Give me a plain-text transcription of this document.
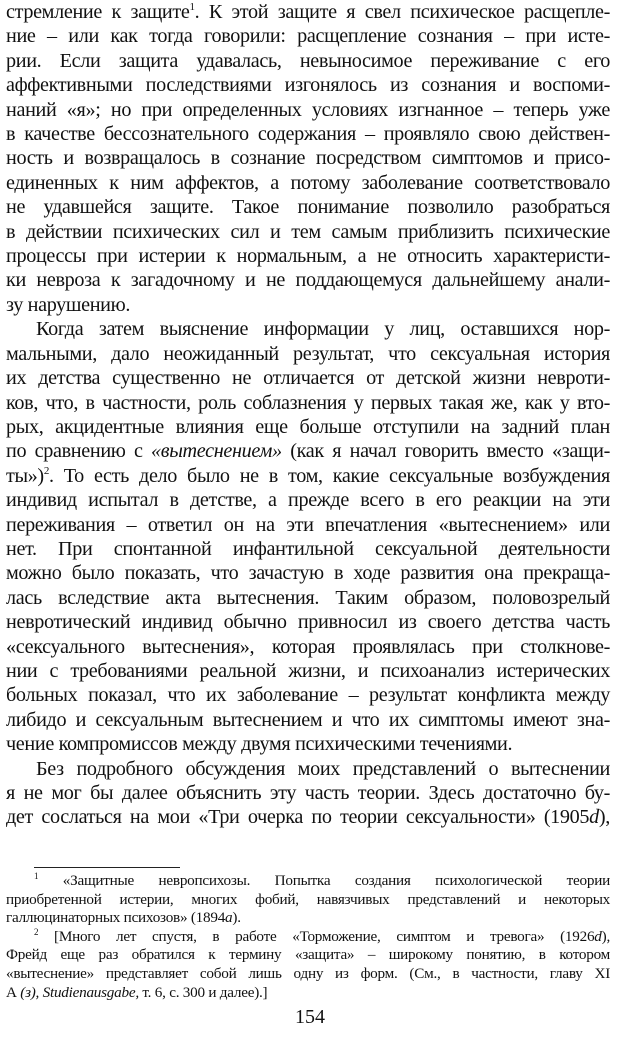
стремление к защите$^1$. К этой защите я свел психическое расщепле-
ние – или как тогда говорили: расщепление сознания – при исте-
рии. Если защита удавалась, невыносимое переживание с его
аффективными последствиями изгонялось из сознания и воспоми-
наний «я»; но при определенных условиях изгнанное – теперь уже
в качестве бессознательного содержания – проявляло свою действен-
ность и возвращалось в сознание посредством симптомов и присо-
единенных к ним аффектов, а потому заболевание соответствовало
не удавшейся защите. Такое понимание позволило разобраться
в действии психических сил и тем самым приблизить психические
процессы при истерии к нормальным, а не относить характеристи-
ки невроза к загадочному и не поддающемуся дальнейшему анали-
зу нарушению.
Когда затем выяснение информации у лиц, оставшихся нор-
мальными, дало неожиданный результат, что сексуальная история
их детства существенно не отличается от детской жизни невроти-
ков, что, в частности, роль соблазнения у первых такая же, как у вто-
рых, акцидентные влияния еще больше отступили на задний план
по сравнению с «вытеснением» (как я начал говорить вместо «защи-
ты»)$^2$. То есть дело было не в том, какие сексуальные возбуждения
индивид испытал в детстве, а прежде всего в его реакции на эти
переживания – ответил он на эти впечатления «вытеснением» или
нет. При спонтанной инфантильной сексуальной деятельности
можно было показать, что зачастую в ходе развития она прекраща-
лась вследствие акта вытеснения. Таким образом, половозрелый
невротический индивид обычно привносил из своего детства часть
«сексуального вытеснения», которая проявлялась при столкнове-
нии с требованиями реальной жизни, и психоанализ истерических
больных показал, что их заболевание – результат конфликта между
либидо и сексуальным вытеснением и что их симптомы имеют зна-
чение компромиссов между двумя психическими течениями.
Без подробного обсуждения моих представлений о вытеснении
я не мог бы далее объяснить эту часть теории. Здесь достаточно бу-
дет сослаться на мои «Три очерка по теории сексуальности» (1905d),
$^1$ «Защитные невропсихозы. Попытка создания психологической теории
приобретенной истерии, многих фобий, навязчивых представлений и некоторых
галлюцинаторных психозов» (1894a).
$^2$ [Много лет спустя, в работе «Торможение, симптом и тревога» (1926d),
Фрейд еще раз обратился к термину «защита» – широкому понятию, в котором
«вытеснение» представляет собой лишь одну из форм. (См., в частности, главу XI
А (з), Studienausgabe, т. 6, с. 300 и далее).]
154
